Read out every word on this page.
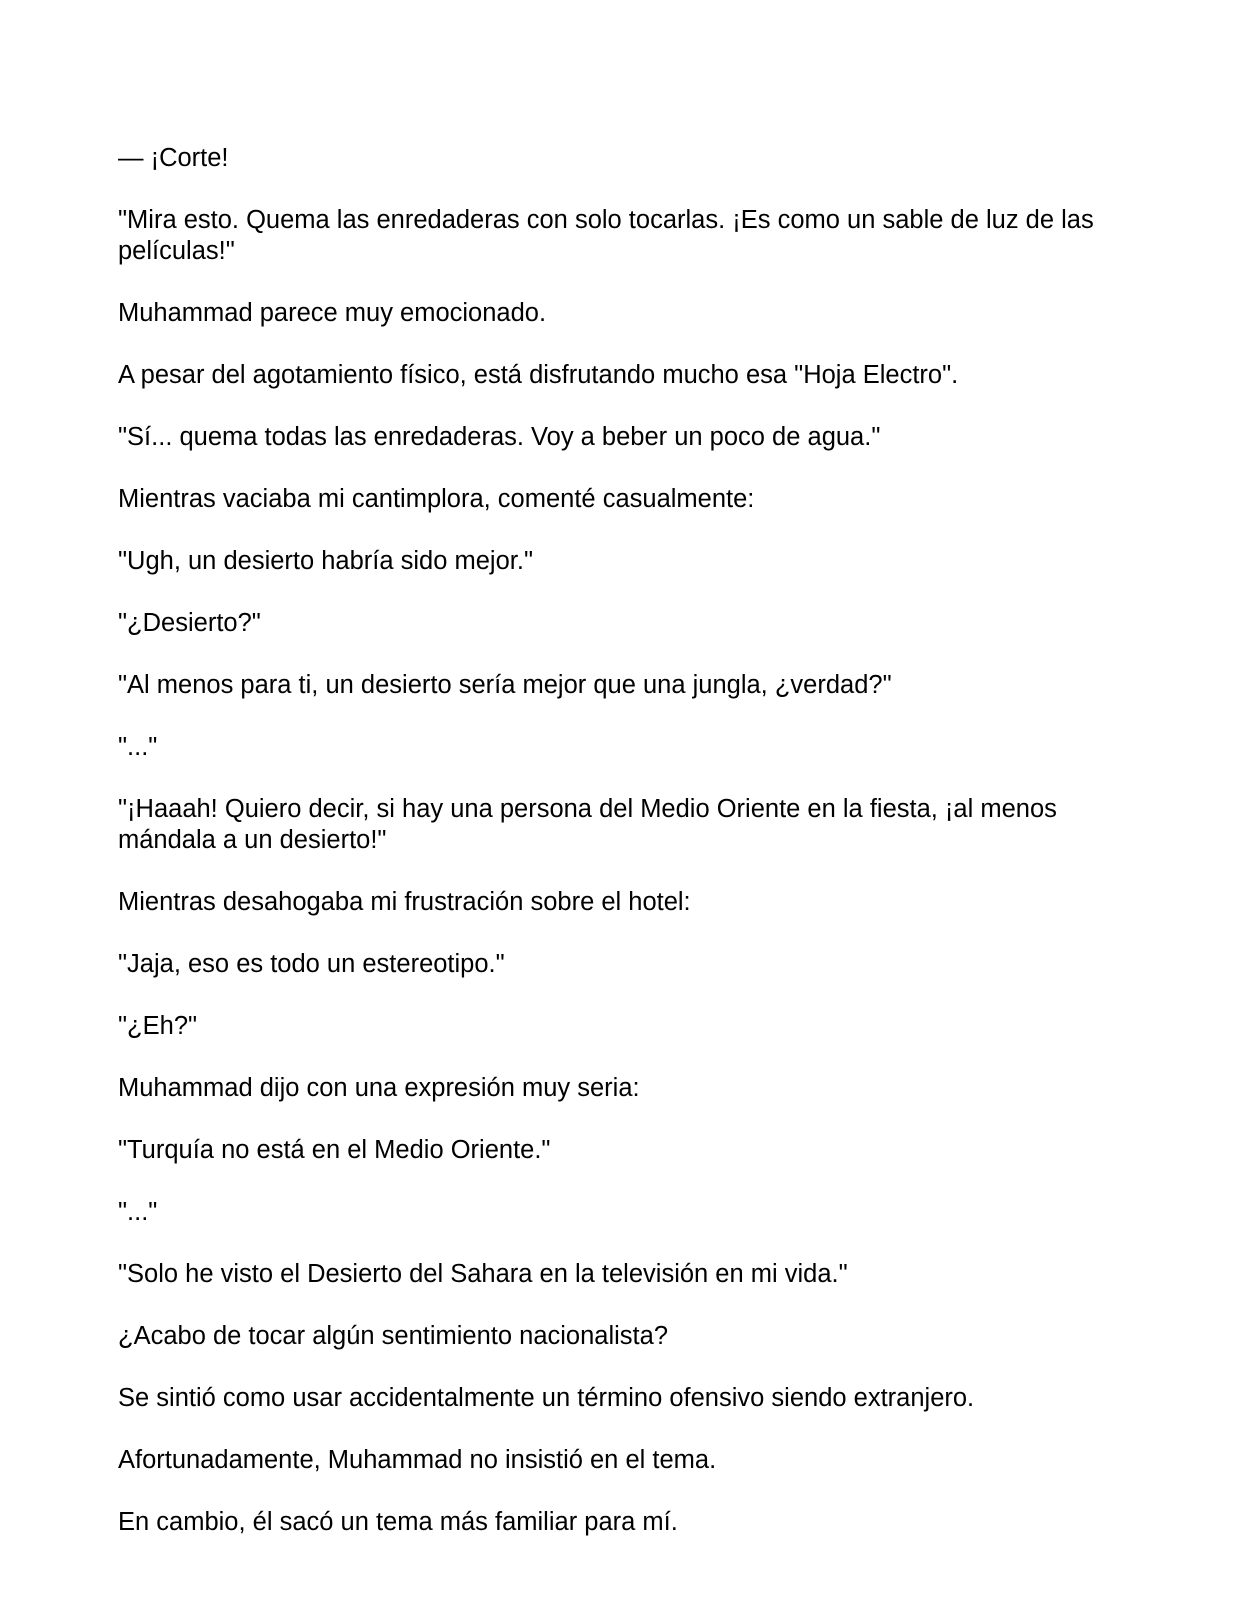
— ¡Corte!

"Mira esto. Quema las enredaderas con solo tocarlas. ¡Es como un sable de luz de las películas!"

Muhammad parece muy emocionado.

A pesar del agotamiento físico, está disfrutando mucho esa "Hoja Electro".

"Sí... quema todas las enredaderas. Voy a beber un poco de agua."

Mientras vaciaba mi cantimplora, comenté casualmente:

"Ugh, un desierto habría sido mejor."

"¿Desierto?"

"Al menos para ti, un desierto sería mejor que una jungla, ¿verdad?"

"..."

"¡Haaah! Quiero decir, si hay una persona del Medio Oriente en la fiesta, ¡al menos mándala a un desierto!"

Mientras desahogaba mi frustración sobre el hotel:

"Jaja, eso es todo un estereotipo."

"¿Eh?"

Muhammad dijo con una expresión muy seria:

"Turquía no está en el Medio Oriente."

"..."

"Solo he visto el Desierto del Sahara en la televisión en mi vida."

¿Acabo de tocar algún sentimiento nacionalista?

Se sintió como usar accidentalmente un término ofensivo siendo extranjero.

Afortunadamente, Muhammad no insistió en el tema.

En cambio, él sacó un tema más familiar para mí.
